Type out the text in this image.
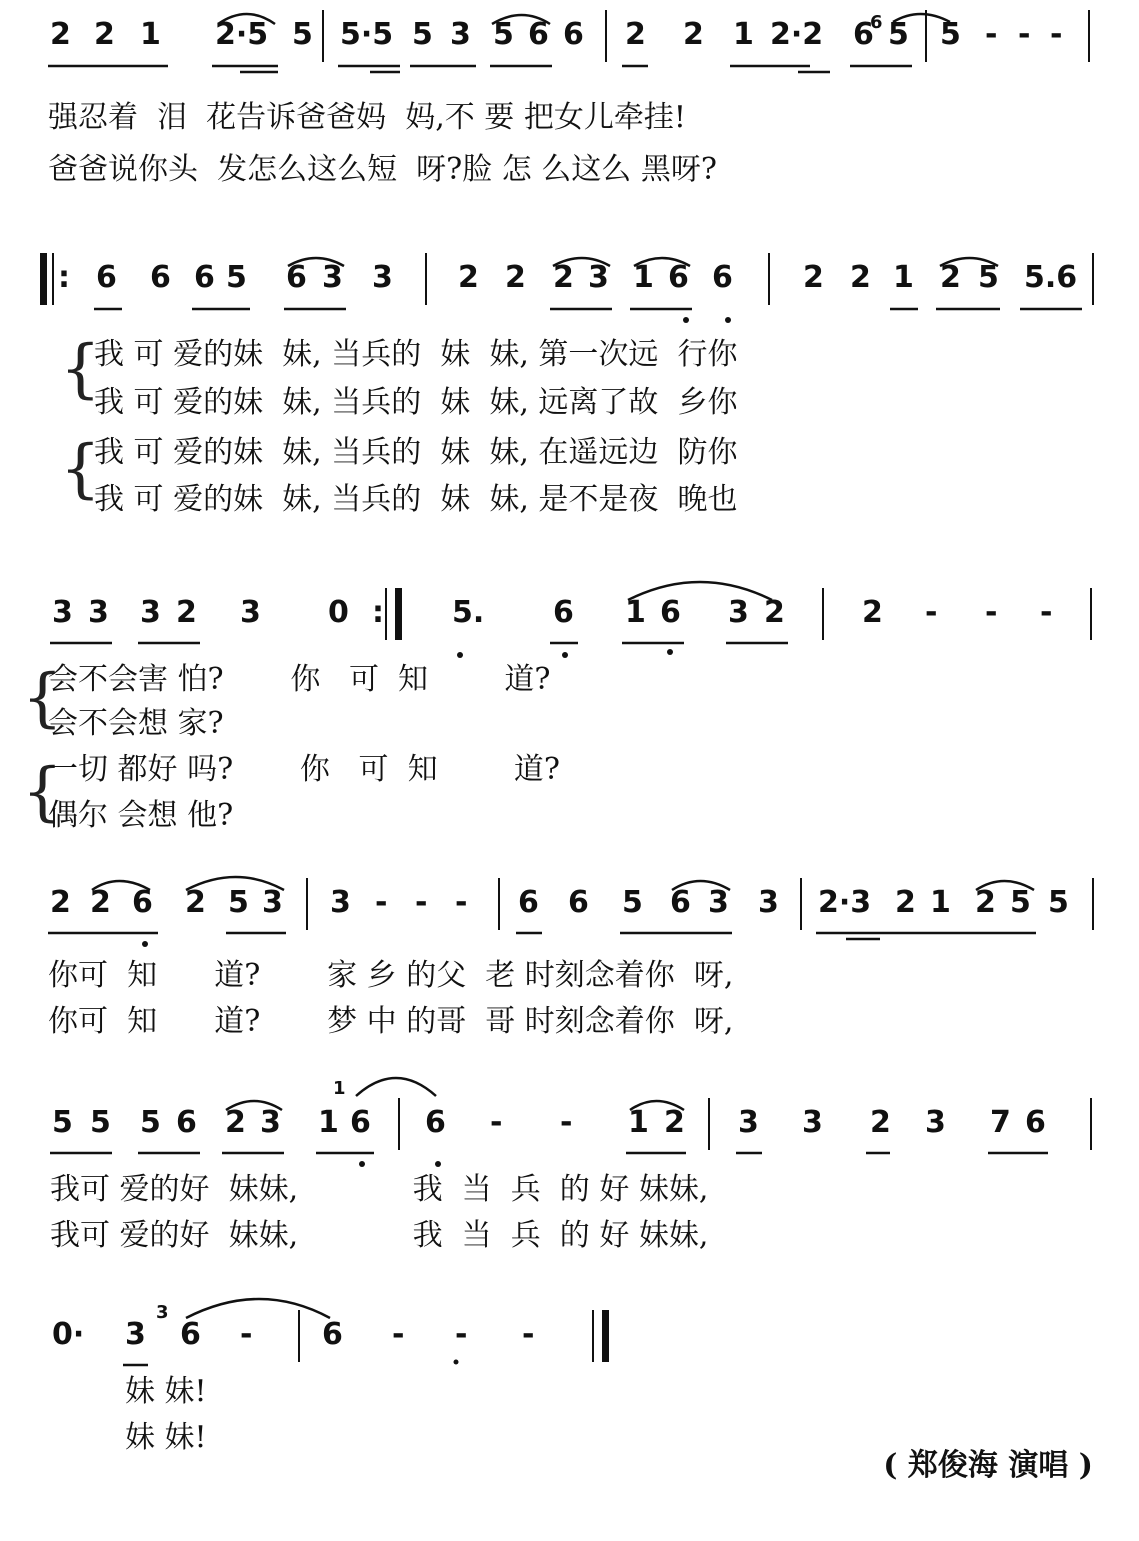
2 2 1 2·5 5 5·5 5 3 5 6 6 2 2 1 2·2 6 5 5 - - -
强忍着  泪  花告诉爸爸妈  妈,不 要 把女儿牵挂!
爸爸说你头  发怎么这么短  呀?脸 怎 么这么 黑呀?
: 6 6 6 5 6 3 3 2 2 2 3 1 6 6 2 2 1 2 5 5.6
{
我 可 爱的妹  妹, 当兵的  妹  妹, 第一次远  行你
我 可 爱的妹  妹, 当兵的  妹  妹, 远离了故  乡你
{
我 可 爱的妹  妹, 当兵的  妹  妹, 在遥远边  防你
我 可 爱的妹  妹, 当兵的  妹  妹, 是不是夜  晚也
3 3 3 2 3 0 : 5. 6 1 6 3 2	2 - - -
{
会不会害 怕?       你   可  知        道?
会不会想 家?
{
一切 都好 吗?       你   可  知        道?
偶尔 会想 他?
2 2 6 2 5 3 3 - - - 6 6 5 6 3 3 2·3 2 1 2 5 5
你可  知      道?       家 乡 的父  老 时刻念着你  呀,
你可  知      道?       梦 中 的哥  哥 时刻念着你  呀,
5 5 5 6 2 3 1 6 6 - - 1 2 3 3 2 3 7 6
我可 爱的好  妹妹,            我  当  兵  的 好 妹妹,
我可 爱的好  妹妹,            我  当  兵  的 好 妹妹,
0· 3 6 - 6 - - -
妹 妹!
妹 妹!
( 郑俊海 演唱 )
6
1
3
